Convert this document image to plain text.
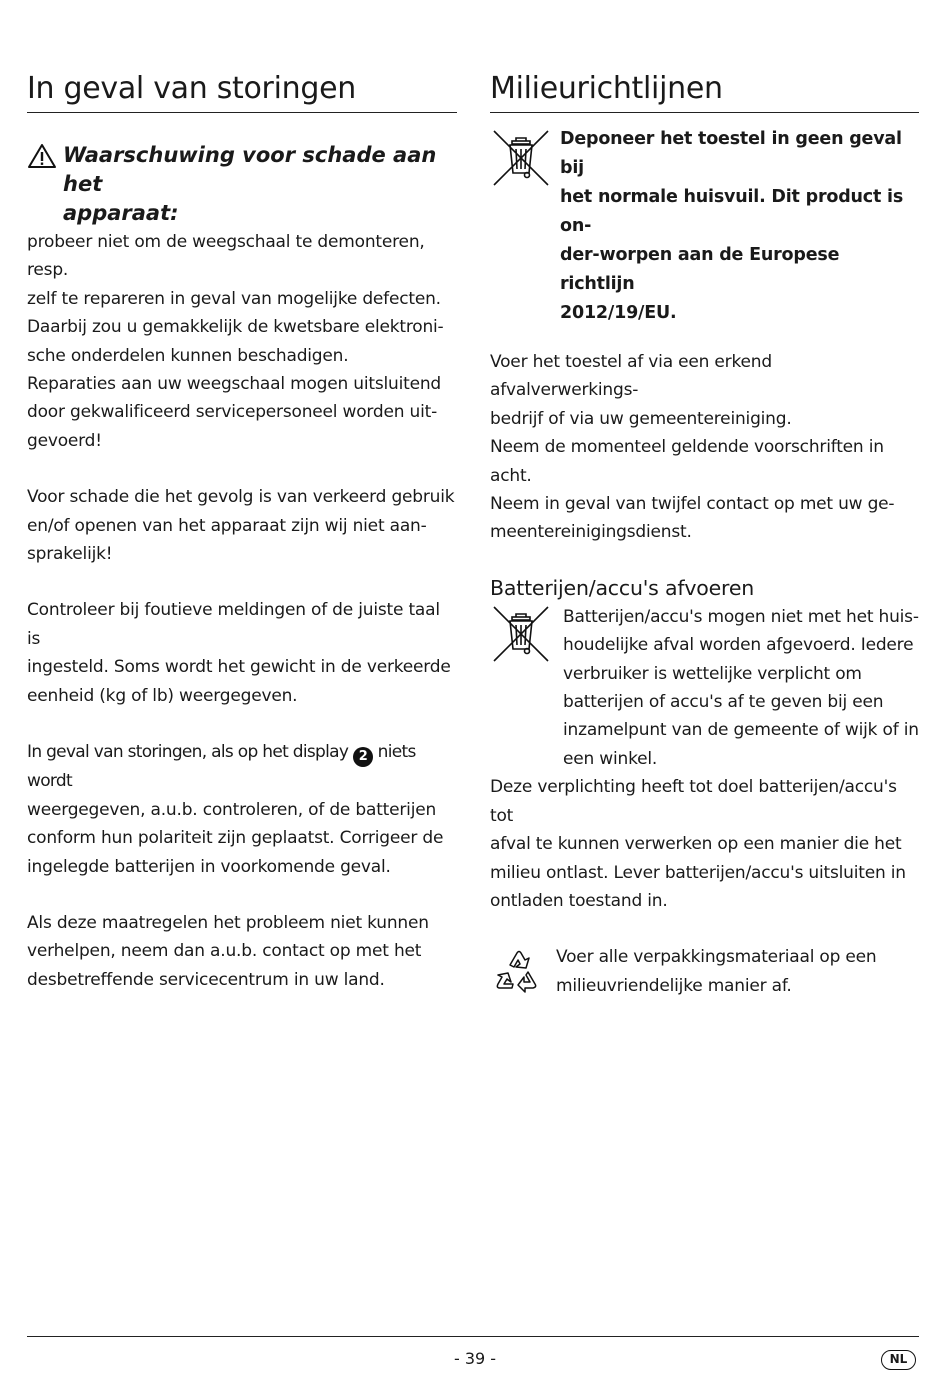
In geval van storingen
Waarschuwing voor schade aan het
apparaat:
probeer niet om de weegschaal te demonteren, resp.
zelf te repareren in geval van mogelijke defecten.
Daarbij zou u gemakkelijk de kwetsbare elektroni-
sche onderdelen kunnen beschadigen.
Reparaties aan uw weegschaal mogen uitsluitend
door gekwalificeerd servicepersoneel worden uit-
gevoerd!
Voor schade die het gevolg is van verkeerd gebruik
en/of openen van het apparaat zijn wij niet aan-
sprakelijk!
Controleer bij foutieve meldingen of de juiste taal is
ingesteld. Soms wordt het gewicht in de verkeerde
eenheid (kg of lb) weergegeven.
In geval van storingen, als op het display 2 niets wordt
weergegeven, a.u.b. controleren, of de batterijen
conform hun polariteit zijn geplaatst. Corrigeer de
ingelegde batterijen in voorkomende geval.
Als deze maatregelen het probleem niet kunnen
verhelpen, neem dan a.u.b. contact op met het
desbetreffende servicecentrum in uw land.
Milieurichtlijnen
Deponeer het toestel in geen geval bij
het normale huisvuil. Dit product is on-
der-worpen aan de Europese richtlijn
2012/19/EU.
Voer het toestel af via een erkend afvalverwerkings-
bedrijf of via uw gemeentereiniging.
Neem de momenteel geldende voorschriften in acht.
Neem in geval van twijfel contact op met uw ge-
meentereinigingsdienst.
Batterijen/accu's afvoeren
Batterijen/accu's mogen niet met het huis-
houdelijke afval worden afgevoerd. Iedere
verbruiker is wettelijke verplicht om
batterijen of accu's af te geven bij een
inzamelpunt van de gemeente of wijk of in
een winkel.
Deze verplichting heeft tot doel batterijen/accu's tot
afval te kunnen verwerken op een manier die het
milieu ontlast. Lever batterijen/accu's uitsluiten in
ontladen toestand in.
Voer alle verpakkingsmateriaal op een
milieuvriendelijke manier af.
- 39 -	NL
